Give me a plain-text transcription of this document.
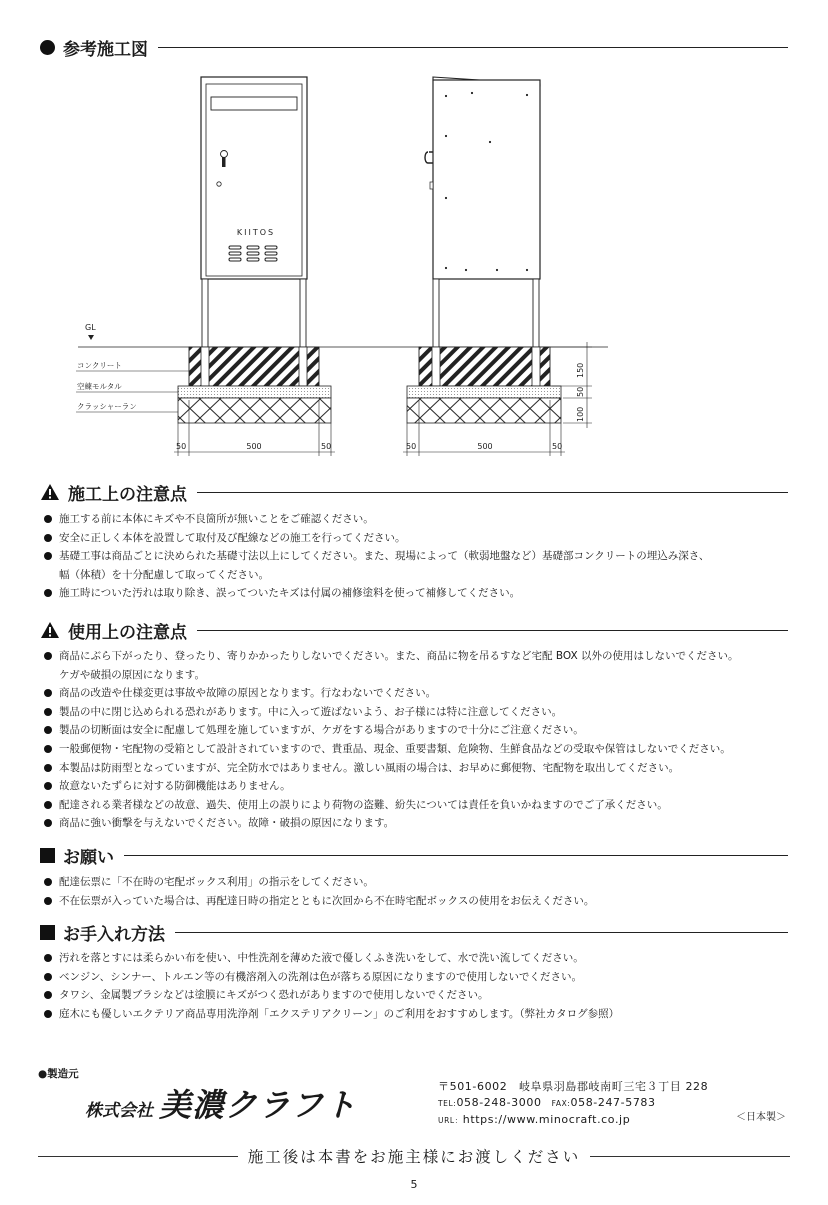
参考施工図
GL
コンクリート
空練モルタル
クラッシャーラン
KIITOS
50	500	50	50	500	50
150
50
100
施工上の注意点
施工する前に本体にキズや不良箇所が無いことをご確認ください。
安全に正しく本体を設置して取付及び配線などの施工を行ってください。
基礎工事は商品ごとに決められた基礎寸法以上にしてください。また、現場によって（軟弱地盤など）基礎部コンクリートの埋込み深さ、
幅（体積）を十分配慮して取ってください。
施工時についた汚れは取り除き、誤ってついたキズは付属の補修塗料を使って補修してください。
使用上の注意点
商品にぶら下がったり、登ったり、寄りかかったりしないでください。また、商品に物を吊るすなど宅配 BOX 以外の使用はしないでください。
ケガや破損の原因になります。
商品の改造や仕様変更は事故や故障の原因となります。行なわないでください。
製品の中に閉じ込められる恐れがあります。中に入って遊ばないよう、お子様には特に注意してください。
製品の切断面は安全に配慮して処理を施していますが、ケガをする場合がありますので十分にご注意ください。
一般郵便物・宅配物の受箱として設計されていますので、貴重品、現金、重要書類、危険物、生鮮食品などの受取や保管はしないでください。
本製品は防雨型となっていますが、完全防水ではありません。激しい風雨の場合は、お早めに郵便物、宅配物を取出してください。
故意ないたずらに対する防御機能はありません。
配達される業者様などの故意、過失、使用上の誤りにより荷物の盗難、紛失については責任を負いかねますのでご了承ください。
商品に強い衝撃を与えないでください。故障・破損の原因になります。
お願い
配達伝票に「不在時の宅配ボックス利用」の指示をしてください。
不在伝票が入っていた場合は、再配達日時の指定とともに次回から不在時宅配ボックスの使用をお伝えください。
お手入れ方法
汚れを落とすには柔らかい布を使い、中性洗剤を薄めた液で優しくふき洗いをして、水で洗い流してください。
ベンジン、シンナー、トルエン等の有機溶剤入の洗剤は色が落ちる原因になりますので使用しないでください。
タワシ、金属製ブラシなどは塗膜にキズがつく恐れがありますので使用しないでください。
庭木にも優しいエクテリア商品専用洗浄剤「エクステリアクリーン」のご利用をおすすめします。（弊社カタログ参照）
●製造元
株式会社 美濃クラフト	〒501-6002　岐阜県羽島郡岐南町三宅３丁目 228
TEL:058-248-3000 FAX:058-247-5783
URL：https://www.minocraft.co.jp	＜日本製＞
施工後は本書をお施主様にお渡しください
5
